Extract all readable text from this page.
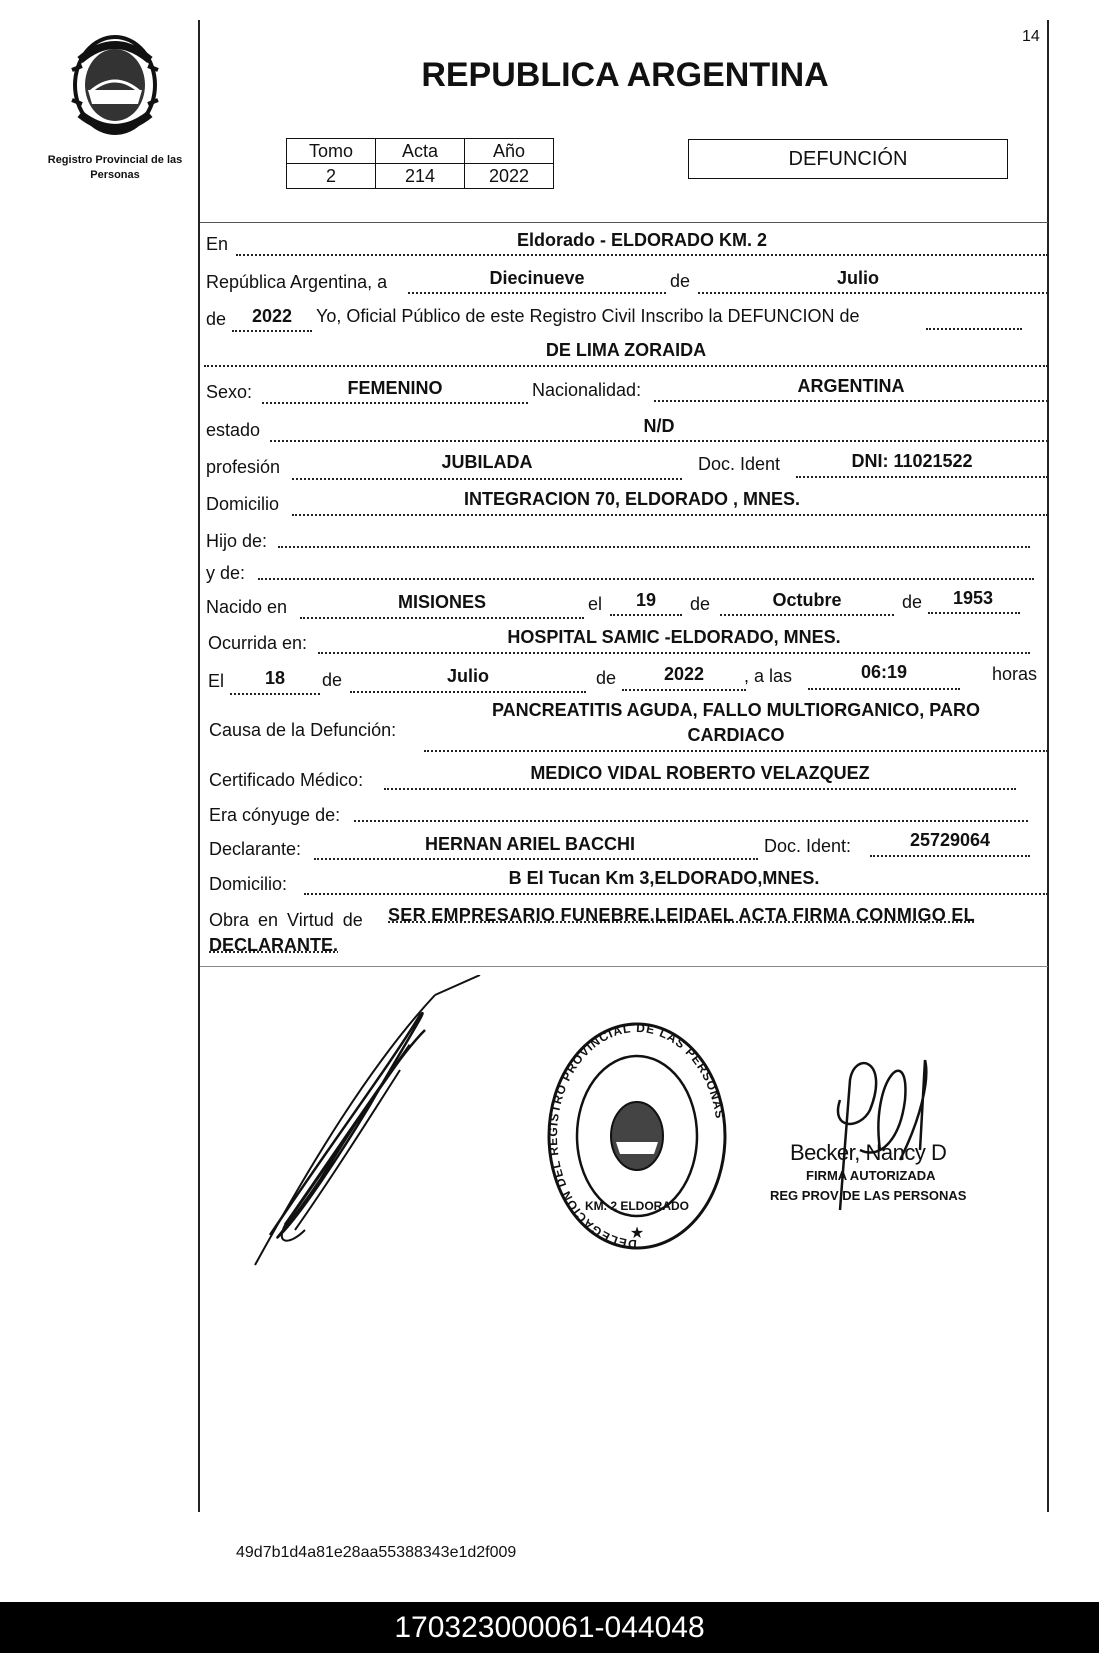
14
Registro Provincial de las Personas
REPUBLICA ARGENTINA
Tomo	Acta	Año
2	214	2022
DEFUNCIÓN
En	Eldorado - ELDORADO KM. 2
República Argentina, a	Diecinueve	de	Julio
de	2022	Yo, Oficial Público de este Registro Civil Inscribo la DEFUNCION de
DE LIMA ZORAIDA
Sexo:	FEMENINO	Nacionalidad:	ARGENTINA
estado	N/D
profesión	JUBILADA	Doc. Ident	DNI: 11021522
Domicilio	INTEGRACION 70, ELDORADO , MNES.
Hijo de:
y de:
Nacido en	MISIONES	el	19	de	Octubre	de	1953
Ocurrida en:	HOSPITAL SAMIC -ELDORADO, MNES.
El	18	de	Julio	de	2022	, a las	06:19	horas
Causa de la Defunción:
PANCREATITIS AGUDA, FALLO MULTIORGANICO, PARO
CARDIACO
Certificado Médico:	MEDICO VIDAL ROBERTO VELAZQUEZ
Era cónyuge de:
Declarante:	HERNAN ARIEL BACCHI	Doc. Ident:	25729064
Domicilio:	B El Tucan Km 3,ELDORADO,MNES.
Obra en Virtud de SER EMPRESARIO FUNEBRE.LEIDAEL ACTA FIRMA CONMIGO EL
DECLARANTE.
DELEGACION DEL REGISTRO PROVINCIAL DE LAS PERSONAS
KM. 2 ELDORADO
★
Becker, Nancy D
FIRMA AUTORIZADA
REG PROV DE LAS PERSONAS
49d7b1d4a81e28aa55388343e1d2f009
170323000061-044048
